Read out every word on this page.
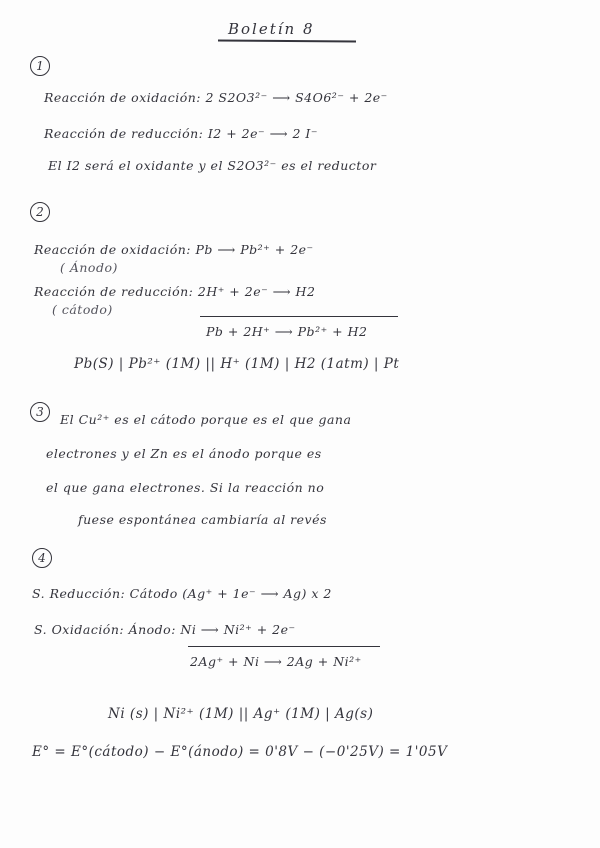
Boletín 8
1
Reacción de oxidación: 2 S2O3²⁻ ⟶ S4O6²⁻ + 2e⁻
Reacción de reducción: I2 + 2e⁻ ⟶ 2 I⁻
El I2 será el oxidante y el S2O3²⁻ es el reductor
2
Reacción de oxidación: Pb ⟶ Pb²⁺ + 2e⁻
( Ánodo)
Reacción de reducción: 2H⁺ + 2e⁻ ⟶ H2
( cátodo)
Pb + 2H⁺ ⟶ Pb²⁺ + H2
Pb(S) | Pb²⁺ (1M) || H⁺ (1M) | H2 (1atm) | Pt
3	El Cu²⁺ es el cátodo porque es el que gana
electrones y el Zn es el ánodo porque es
el que gana electrones. Si la reacción no
fuese espontánea cambiaría al revés
4
S. Reducción: Cátodo (Ag⁺ + 1e⁻ ⟶ Ag) x 2
S. Oxidación: Ánodo: Ni ⟶ Ni²⁺ + 2e⁻
2Ag⁺ + Ni ⟶ 2Ag + Ni²⁺
Ni (s) | Ni²⁺ (1M) || Ag⁺ (1M) | Ag(s)
E° = E°(cátodo) − E°(ánodo) = 0'8V − (−0'25V) = 1'05V
